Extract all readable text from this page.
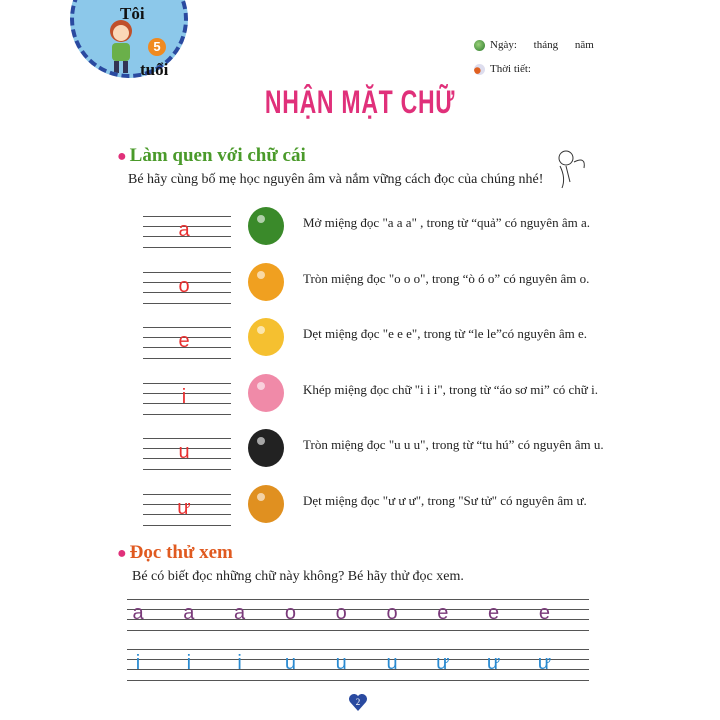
Tôi
5
tuổi
Ngày: tháng năm
Thời tiết:
NHẬN MẶT CHỮ
● Làm quen với chữ cái
Bé hãy cùng bố mẹ học nguyên âm và nắm vững cách đọc của chúng nhé!
a	Mở miệng đọc "a a a" , trong từ “quả” có nguyên âm a.
o	Tròn miệng đọc "o o o", trong “ò ó o” có nguyên âm o.
e	Dẹt miệng đọc "e e e", trong từ “le le”có nguyên âm e.
i	Khép miệng đọc chữ "i i i", trong từ “áo sơ mi” có chữ i.
u	Tròn miệng đọc "u u u", trong từ “tu hú” có nguyên âm u.
ư	Dẹt miệng đọc "ư ư ư", trong "Sư tử" có nguyên âm ư.
● Đọc thử xem
Bé có biết đọc những chữ này không? Bé hãy thử đọc xem.
a a a o o o e e e
i	i	i	u u u ư ư ư
2
